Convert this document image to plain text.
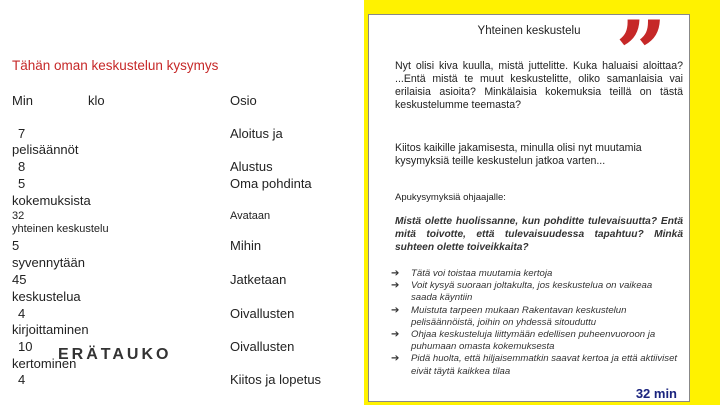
Tähän oman keskustelun kysymys

Min	klo	Osio
7
pelisäännöt
8
5
kokemuksista
32
yhteinen keskustelu
5
syvennytään
45
keskustelua
4
kirjoittaminen
10
kertominen
4
ERÄTAUKO
Aloitus ja
Alustus
Oma pohdinta
Avataan
Mihin
Jatketaan
Oivallusten
Oivallusten
Kiitos ja lopetus

Yhteinen keskustelu ”

Nyt olisi kiva kuulla, mistä juttelitte. Kuka haluaisi aloittaa? ...Entä mistä te muut keskustelitte, oliko samanlaisia vai erilaisia asioita? Minkälaisia kokemuksia teillä on tästä keskustelumme teemasta?

Kiitos kaikille jakamisesta, minulla olisi nyt muutamia kysymyksiä teille keskustelun jatkoa varten...

Apukysymyksiä ohjaajalle:

Mistä olette huolissanne, kun pohditte tulevaisuutta? Entä mitä toivotte, että tulevaisuudessa tapahtuu? Minkä suhteen olette toiveikkaita?

➔ Tätä voi toistaa muutamia kertoja
➔ Voit kysyä suoraan joltakulta, jos keskustelua on vaikeaa saada käyntiin
➔ Muistuta tarpeen mukaan Rakentavan keskustelun pelisäännöistä, joihin on yhdessä sitouduttu
➔ Ohjaa keskusteluja liittymään edellisen puheenvuoroon ja puhumaan omasta kokemuksesta
➔ Pidä huolta, että hiljaisemmatkin saavat kertoa ja että aktiiviset eivät täytä kaikkea tilaa
32 min
